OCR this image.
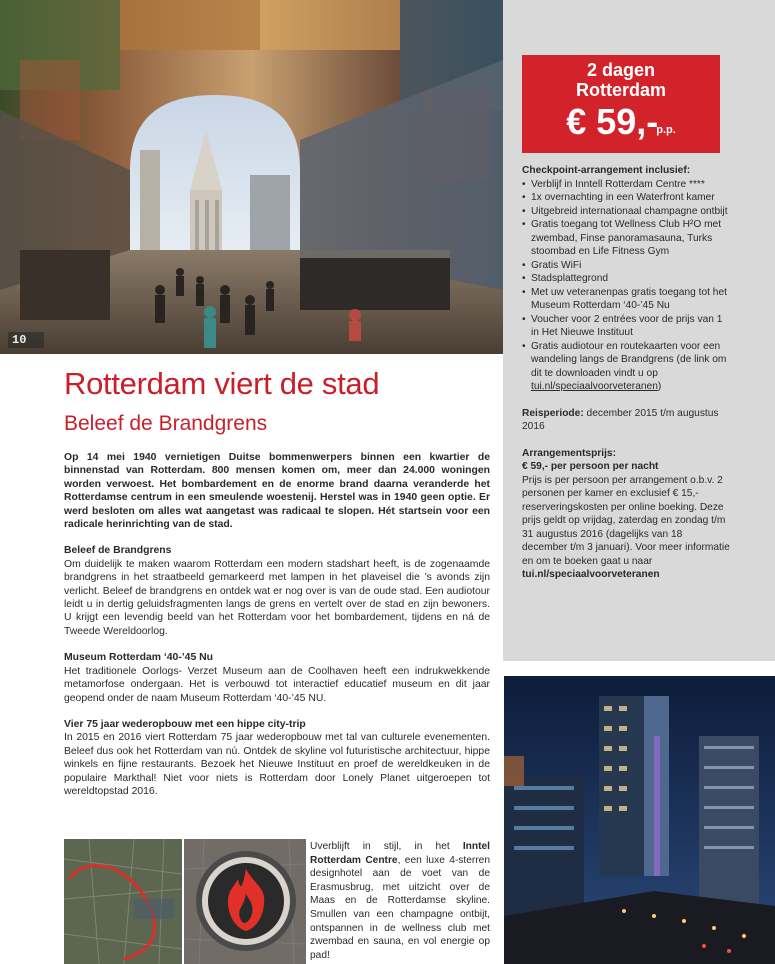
10
2 dagen
Rotterdam
€ 59,-$^{p.p.}$
Checkpoint-arrangement inclusief:
• Verblijf in Inntell Rotterdam Centre ****
• 1x overnachting in een Waterfront kamer
• Uitgebreid internationaal champagne ontbijt
• Gratis toegang tot Wellness Club H²O met zwembad, Finse panoramasauna, Turks stoombad en Life Fitness Gym
• Gratis WiFi
• Stadsplattegrond
• Met uw veteranenpas gratis toegang tot het Museum Rotterdam ‘40-’45 Nu
• Voucher voor 2 entrées voor de prijs van 1 in Het Nieuwe Instituut
• Gratis audiotour en routekaarten voor een wandeling langs de Brandgrens (de link om dit te downloaden vindt u op tui.nl/speciaalvoorveteranen)
Reisperiode: december 2015 t/m augustus 2016
Arrangementsprijs:
€ 59,- per persoon per nacht
Prijs is per persoon per arrangement o.b.v. 2 personen per kamer en exclusief € 15,- reserveringskosten per online boeking. Deze prijs geldt op vrijdag, zaterdag en zondag t/m 31 augustus 2016 (dagelijks van 18 december t/m 3 januari). Voor meer informatie en om te boeken gaat u naar tui.nl/speciaalvoorveteranen
Rotterdam viert de stad
Beleef de Brandgrens

Op 14 mei 1940 vernietigen Duitse bommenwerpers binnen een kwartier de binnenstad van Rotterdam. 800 mensen komen om, meer dan 24.000 woningen worden verwoest. Het bombardement en de enorme brand daarna veranderde het Rotterdamse centrum in een smeulende woestenij. Herstel was in 1940 geen optie. Er werd besloten om alles wat aangetast was radicaal te slopen. Hét startsein voor een radicale herinrichting van de stad.

Beleef de Brandgrens

Om duidelijk te maken waarom Rotterdam een modern stadshart heeft, is de zogenaamde brandgrens in het straatbeeld gemarkeerd met lampen in het plaveisel die ’s avonds zijn verlicht. Beleef de brandgrens en ontdek wat er nog over is van de oude stad. Een audiotour leidt u in dertig geluidsfragmenten langs de grens en vertelt over de stad en zijn bewoners. U krijgt een levendig beeld van het Rotterdam voor het bombardement, tijdens en ná de Tweede Wereldoorlog.

Museum Rotterdam ‘40-’45 Nu

Het traditionele Oorlogs- Verzet Museum aan de Coolhaven heeft een indrukwekkende metamorfose ondergaan. Het is verbouwd tot interactief educatief museum en dit jaar geopend onder de naam Museum Rotterdam ‘40-’45 NU.

Vier 75 jaar wederopbouw met een hippe city-trip

In 2015 en 2016 viert Rotterdam 75 jaar wederopbouw met tal van culturele evenementen. Beleef dus ook het Rotterdam van nú. Ontdek de skyline vol futuristische architectuur, hippe winkels en fijne restaurants. Bezoek het Nieuwe Instituut en proef de wereldkeuken in de populaire Markthal! Niet voor niets is Rotterdam door Lonely Planet uitgeroepen tot wereldtopstad 2016.

Uverblijft in stijl, in het Inntel Rotterdam Centre, een luxe 4-sterren designhotel aan de voet van de Erasmusbrug, met uitzicht over de Maas en de Rotterdamse skyline. Smullen van een champagne ontbijt, ontspannen in de wellness club met zwembad en sauna, en vol energie op pad!
